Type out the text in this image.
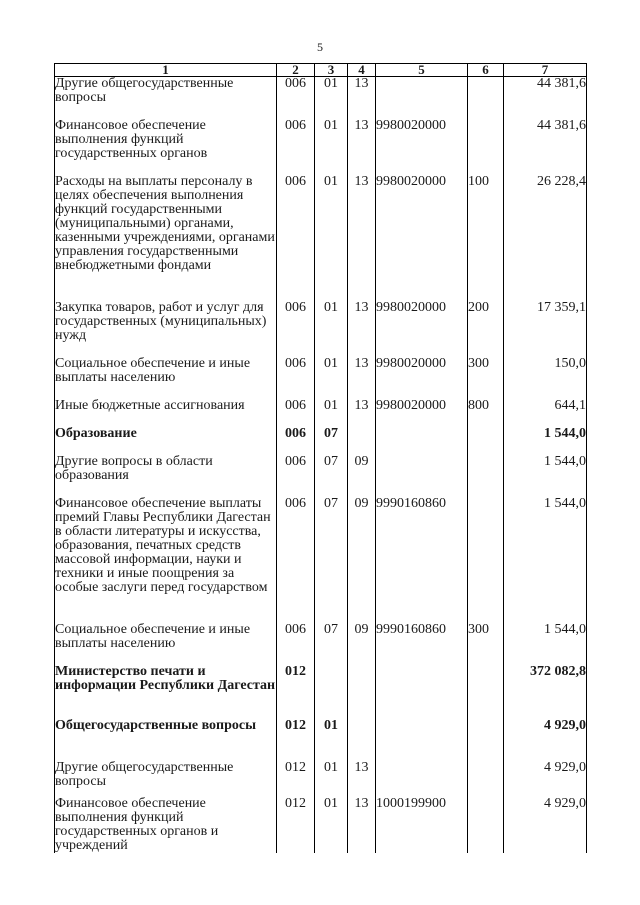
5
1	2	3	4	5	6	7
Другие общегосударственные вопросы	006	01	13			44 381,6
Финансовое обеспечение выполнения функций государственных органов	006	01	13	9980020000		44 381,6
Расходы на выплаты персоналу в целях обеспечения выполнения функций государственными (муниципальными) органами, казенными учреждениями, органами управления государственными внебюджетными фондами	006	01	13	9980020000	100	26 228,4
Закупка товаров, работ и услуг для государственных (муниципальных) нужд	006	01	13	9980020000	200	17 359,1
Социальное обеспечение и иные выплаты населению	006	01	13	9980020000	300	150,0
Иные бюджетные ассигнования	006	01	13	9980020000	800	644,1
Образование	006	07				1 544,0
Другие вопросы в области образования	006	07	09			1 544,0
Финансовое обеспечение выплаты премий Главы Республики Дагестан в области литературы и искусства, образования, печатных средств массовой информации, науки и техники и иные поощрения за особые заслуги перед государством	006	07	09	9990160860		1 544,0
Социальное обеспечение и иные выплаты населению	006	07	09	9990160860	300	1 544,0
Министерство печати и информации Республики Дагестан	012					372 082,8
Общегосударственные вопросы	012	01				4 929,0
Другие общегосударственные вопросы	012	01	13			4 929,0
Финансовое обеспечение выполнения функций государственных органов и учреждений	012	01	13	1000199900		4 929,0
